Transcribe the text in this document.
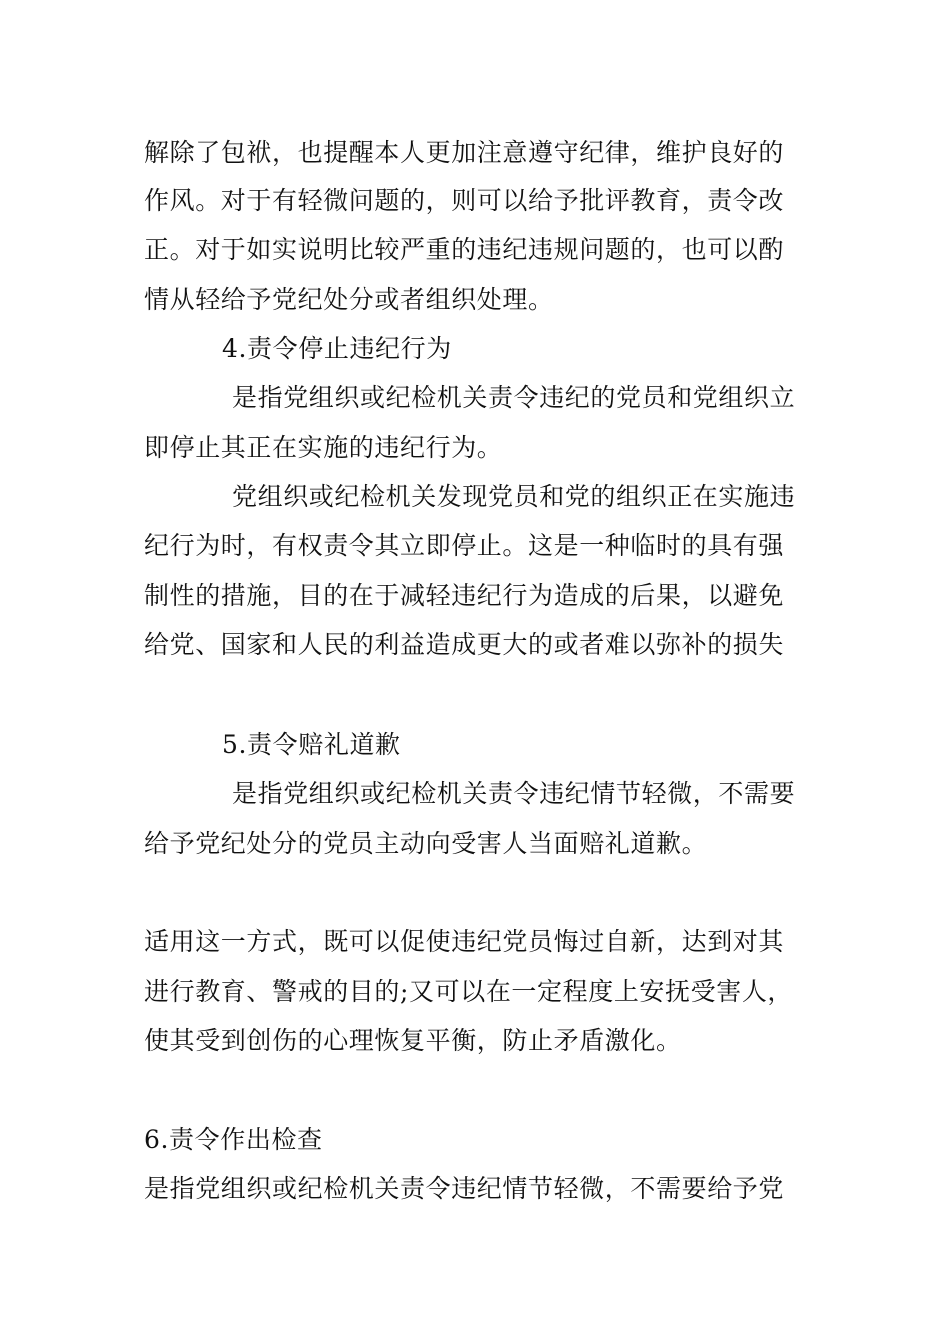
解除了包袱，也提醒本人更加注意遵守纪律，维护良好的
作风。对于有轻微问题的，则可以给予批评教育，责令改
正。对于如实说明比较严重的违纪违规问题的，也可以酌
情从轻给予党纪处分或者组织处理。
4.责令停止违纪行为
是指党组织或纪检机关责令违纪的党员和党组织立
即停止其正在实施的违纪行为。
党组织或纪检机关发现党员和党的组织正在实施违
纪行为时，有权责令其立即停止。这是一种临时的具有强
制性的措施，目的在于减轻违纪行为造成的后果，以避免
给党、国家和人民的利益造成更大的或者难以弥补的损失
5.责令赔礼道歉
是指党组织或纪检机关责令违纪情节轻微，不需要
给予党纪处分的党员主动向受害人当面赔礼道歉。
适用这一方式，既可以促使违纪党员悔过自新，达到对其
进行教育、警戒的目的;又可以在一定程度上安抚受害人，
使其受到创伤的心理恢复平衡，防止矛盾激化。
6.责令作出检查
是指党组织或纪检机关责令违纪情节轻微，不需要给予党
